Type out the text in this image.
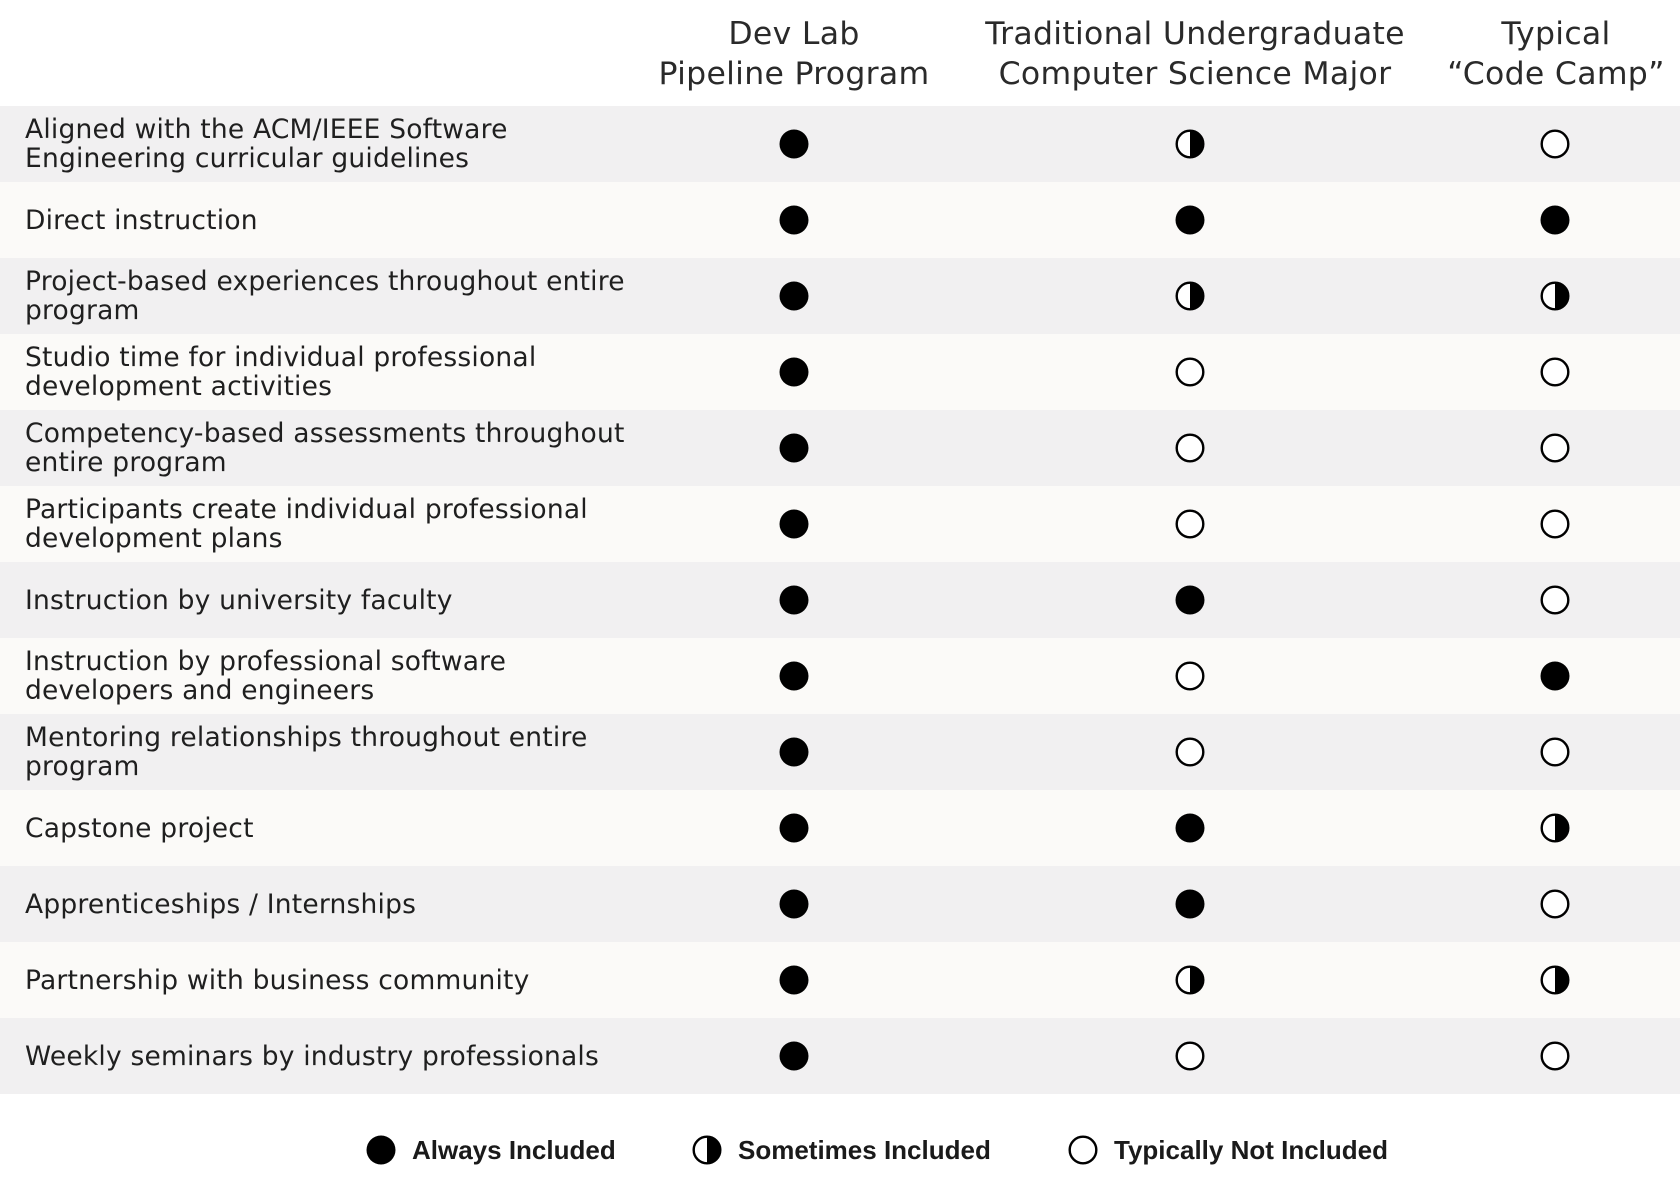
Dev Lab
Pipeline Program
Traditional Undergraduate
Computer Science Major
Typical
“Code Camp”
Aligned with the ACM/IEEE Software Engineering curricular guidelines
Direct instruction
Project-based experiences throughout entire program
Studio time for individual professional development activities
Competency-based assessments throughout entire program
Participants create individual professional development plans
Instruction by university faculty
Instruction by professional software developers and engineers
Mentoring relationships throughout entire program
Capstone project
Apprenticeships / Internships
Partnership with business community
Weekly seminars by industry professionals
Always Included	Sometimes Included	Typically Not Included
